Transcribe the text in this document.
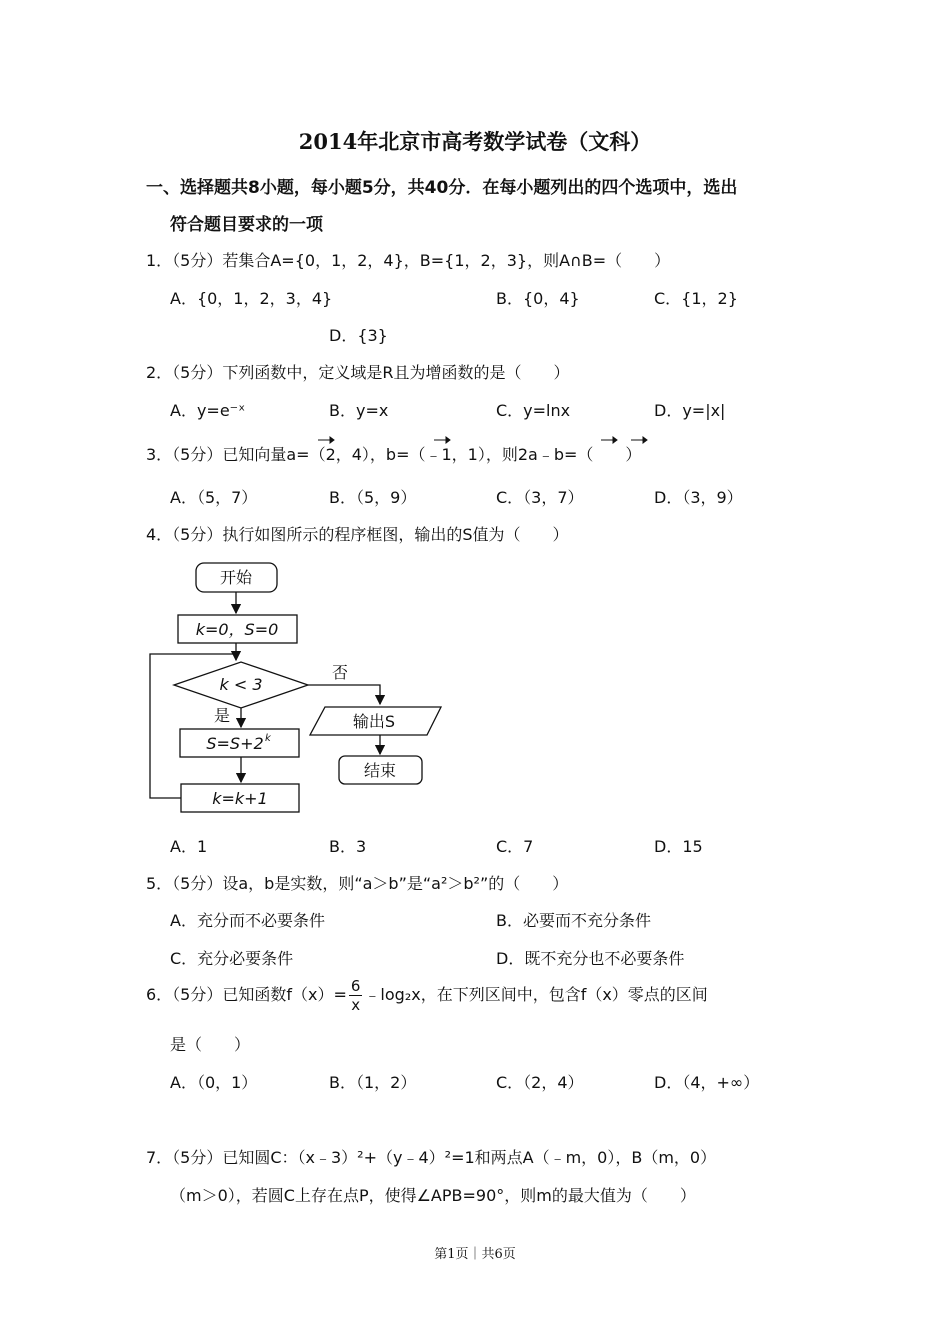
2014年北京市高考数学试卷（文科）
一、选择题共8小题，每小题5分，共40分．在每小题列出的四个选项中，选出
符合题目要求的一项
1．（5分）若集合A={0，1，2，4}，B={1，2，3}，则A∩B=（　　）
A．{0，1，2，3，4}	B．{0，4}	C．{1，2}
D．{3}
2．（5分）下列函数中，定义域是R且为增函数的是（　　）
A．y=e⁻ˣ	B．y=x	C．y=lnx	D．y=|x|
3．（5分）已知向量a=（2，4），b=（﹣1，1），则2a﹣b=（　　）
A．（5，7）	B．（5，9）	C．（3，7）	D．（3，9）
4．（5分）执行如图所示的程序框图，输出的S值为（　　）
开始
k=0，S=0
k < 3
否
是
S=S+2 k
k=k+1
输出S
结束
A．1	B．3	C．7	D．15
5．（5分）设a，b是实数，则“a＞b”是“a²＞b²”的（　　）
A．充分而不必要条件	B．必要而不充分条件
C．充分必要条件	D．既不充分也不必要条件
6．（5分）已知函数$f(x)= \frac{6}{x}$ ﹣log₂x，在下列区间中，包含f（x）零点的区间
是（　　）
A．（0，1）	B．（1，2）	C．（2，4）	D．（4，+∞）
7．（5分）已知圆C：（x﹣3）²+（y﹣4）²=1和两点A（﹣m，0），B（m，0）
（m＞0），若圆C上存在点P，使得∠APB=90°，则m的最大值为（　　）
第1页｜共6页
